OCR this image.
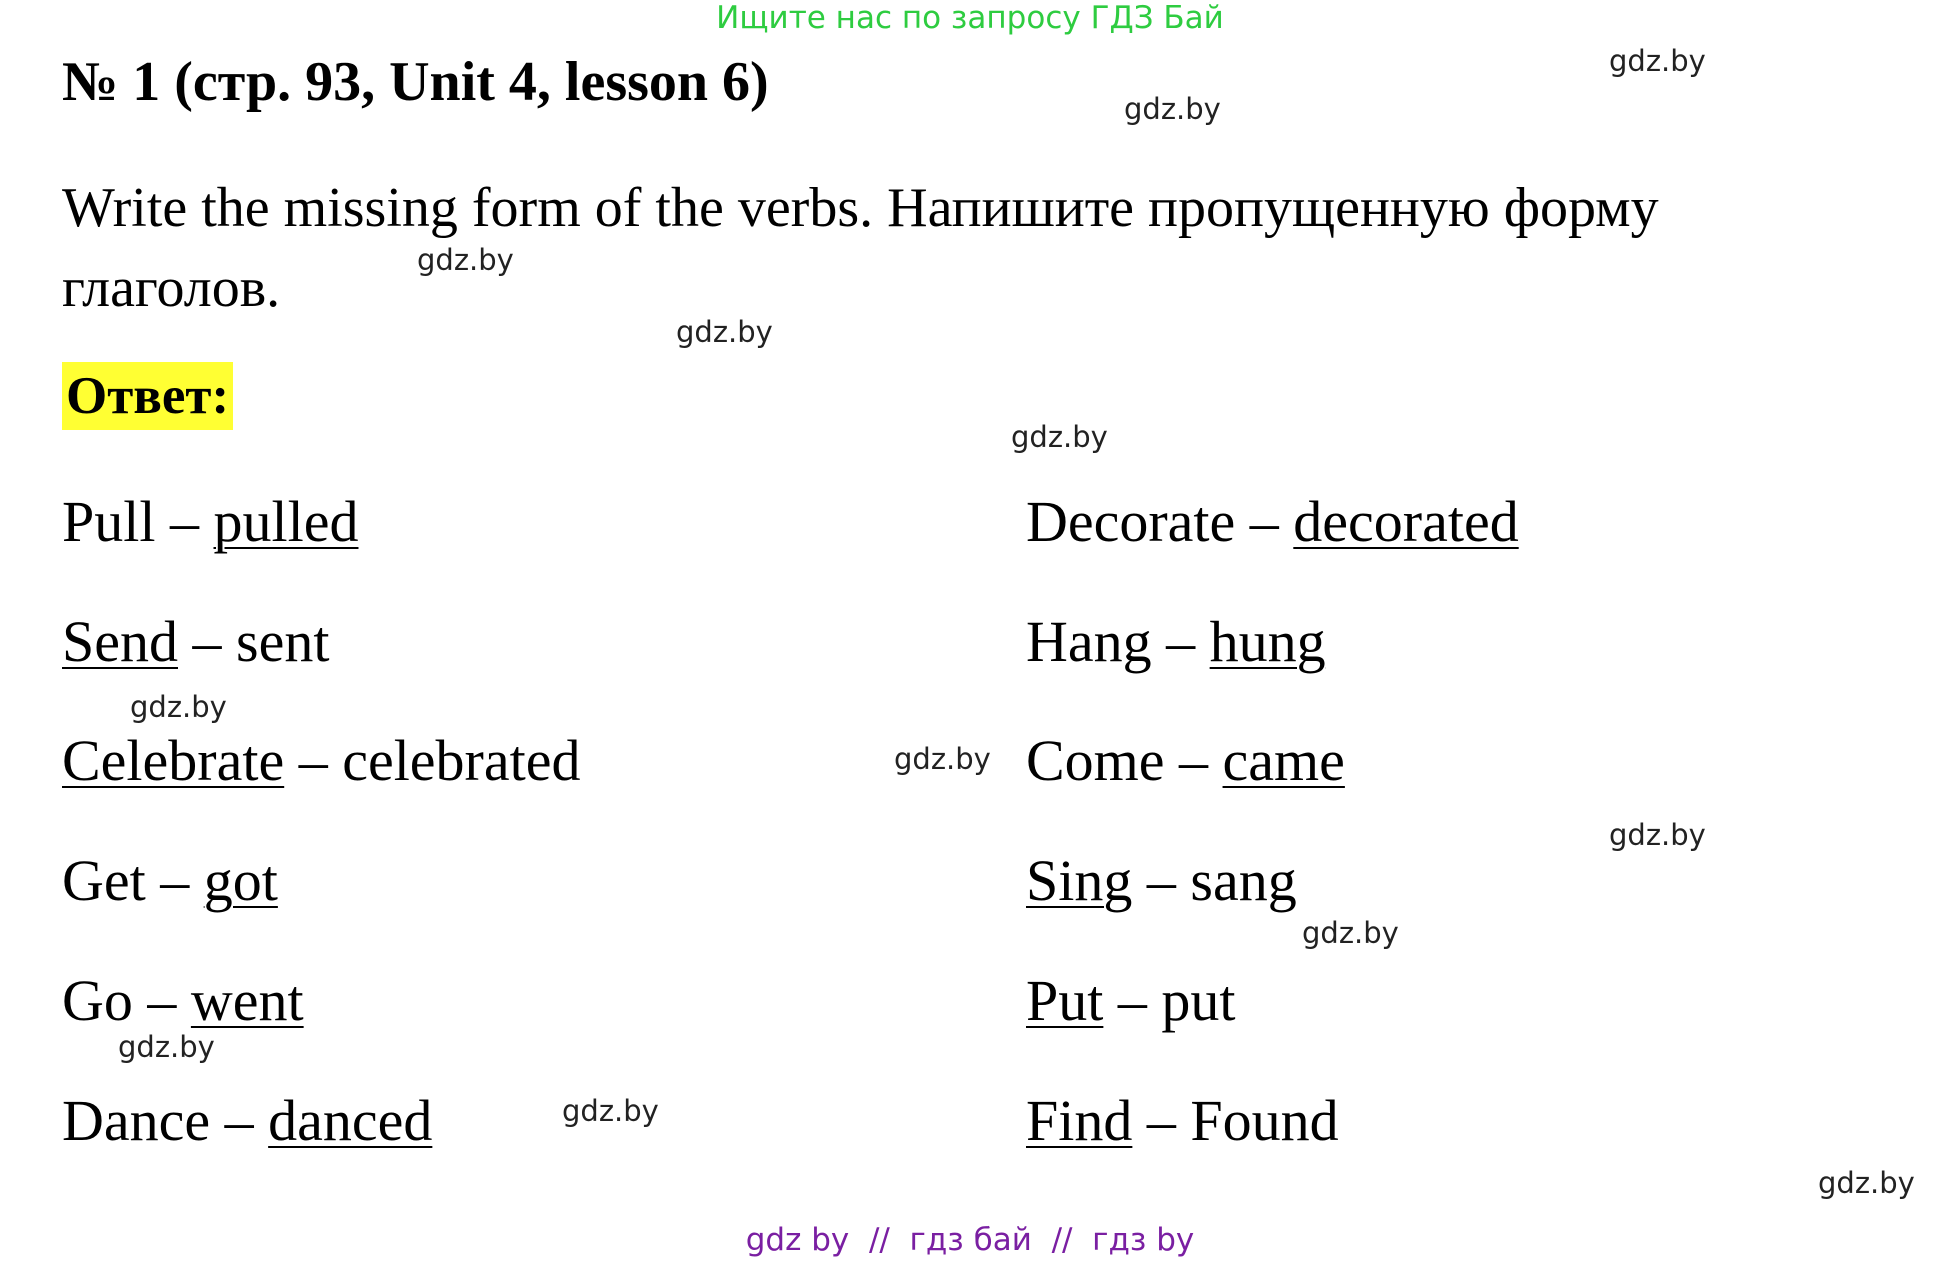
Ищите нас по запросу ГДЗ Бай
№ 1 (стр. 93, Unit 4, lesson 6)
Write the missing form of the verbs. Напишите пропущенную форму глаголов.
Ответ:
Pull – pulled
Send – sent
Celebrate – celebrated
Get – got
Go – went
Dance – danced
Decorate – decorated
Hang – hung
Come – came
Sing – sang
Put – put
Find – Found
gdz.by
gdz.by
gdz.by
gdz.by
gdz.by
gdz.by
gdz.by
gdz.by
gdz.by
gdz.by
gdz.by
gdz.by
gdz by  //  гдз бай  //  гдз by
